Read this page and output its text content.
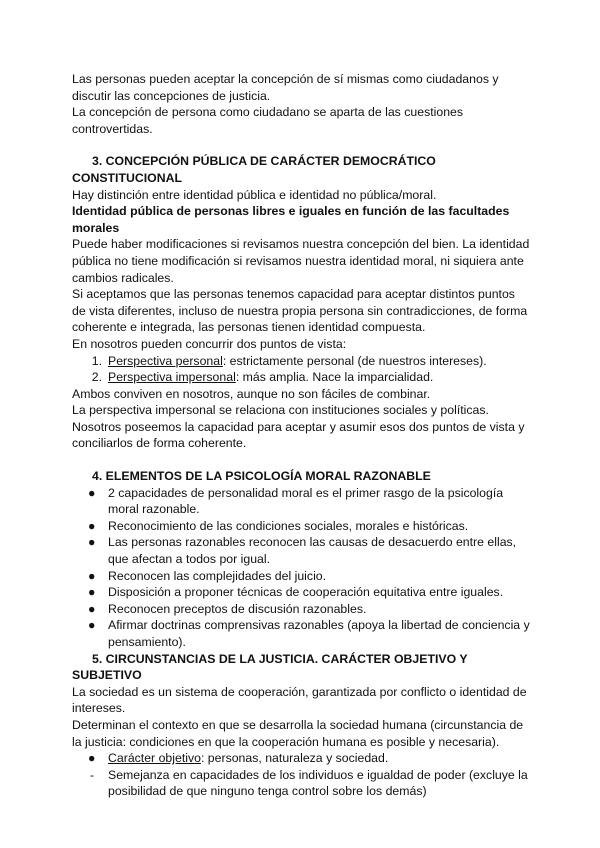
Las personas pueden aceptar la concepción de sí mismas como ciudadanos y discutir las concepciones de justicia.

La concepción de persona como ciudadano se aparta de las cuestiones controvertidas.

3. CONCEPCIÓN PÚBLICA DE CARÁCTER DEMOCRÁTICO

CONSTITUCIONAL

Hay distinción entre identidad pública e identidad no pública/moral.

Identidad pública de personas libres e iguales en función de las facultades morales

Puede haber modificaciones si revisamos nuestra concepción del bien. La identidad pública no tiene modificación si revisamos nuestra identidad moral, ni siquiera ante cambios radicales.

Si aceptamos que las personas tenemos capacidad para aceptar distintos puntos de vista diferentes, incluso de nuestra propia persona sin contradicciones, de forma coherente e integrada, las personas tienen identidad compuesta.

En nosotros pueden concurrir dos puntos de vista:

1. Perspectiva personal: estrictamente personal (de nuestros intereses).
2. Perspectiva impersonal: más amplia. Nace la imparcialidad.

Ambos conviven en nosotros, aunque no son fáciles de combinar.

La perspectiva impersonal se relaciona con instituciones sociales y políticas. Nosotros poseemos la capacidad para aceptar y asumir esos dos puntos de vista y conciliarlos de forma coherente.

4. ELEMENTOS DE LA PSICOLOGÍA MORAL RAZONABLE

● 2 capacidades de personalidad moral es el primer rasgo de la psicología moral razonable.
● Reconocimiento de las condiciones sociales, morales e históricas.
● Las personas razonables reconocen las causas de desacuerdo entre ellas, que afectan a todos por igual.
● Reconocen las complejidades del juicio.
● Disposición a proponer técnicas de cooperación equitativa entre iguales.
● Reconocen preceptos de discusión razonables.
● Afirmar doctrinas comprensivas razonables (apoya la libertad de conciencia y pensamiento).

5. CIRCUNSTANCIAS DE LA JUSTICIA. CARÁCTER OBJETIVO Y

SUBJETIVO

La sociedad es un sistema de cooperación, garantizada por conflicto o identidad de intereses.

Determinan el contexto en que se desarrolla la sociedad humana (circunstancia de la justicia: condiciones en que la cooperación humana es posible y necesaria).

● Carácter objetivo: personas, naturaleza y sociedad.
- Semejanza en capacidades de los individuos e igualdad de poder (excluye la posibilidad de que ninguno tenga control sobre los demás)
